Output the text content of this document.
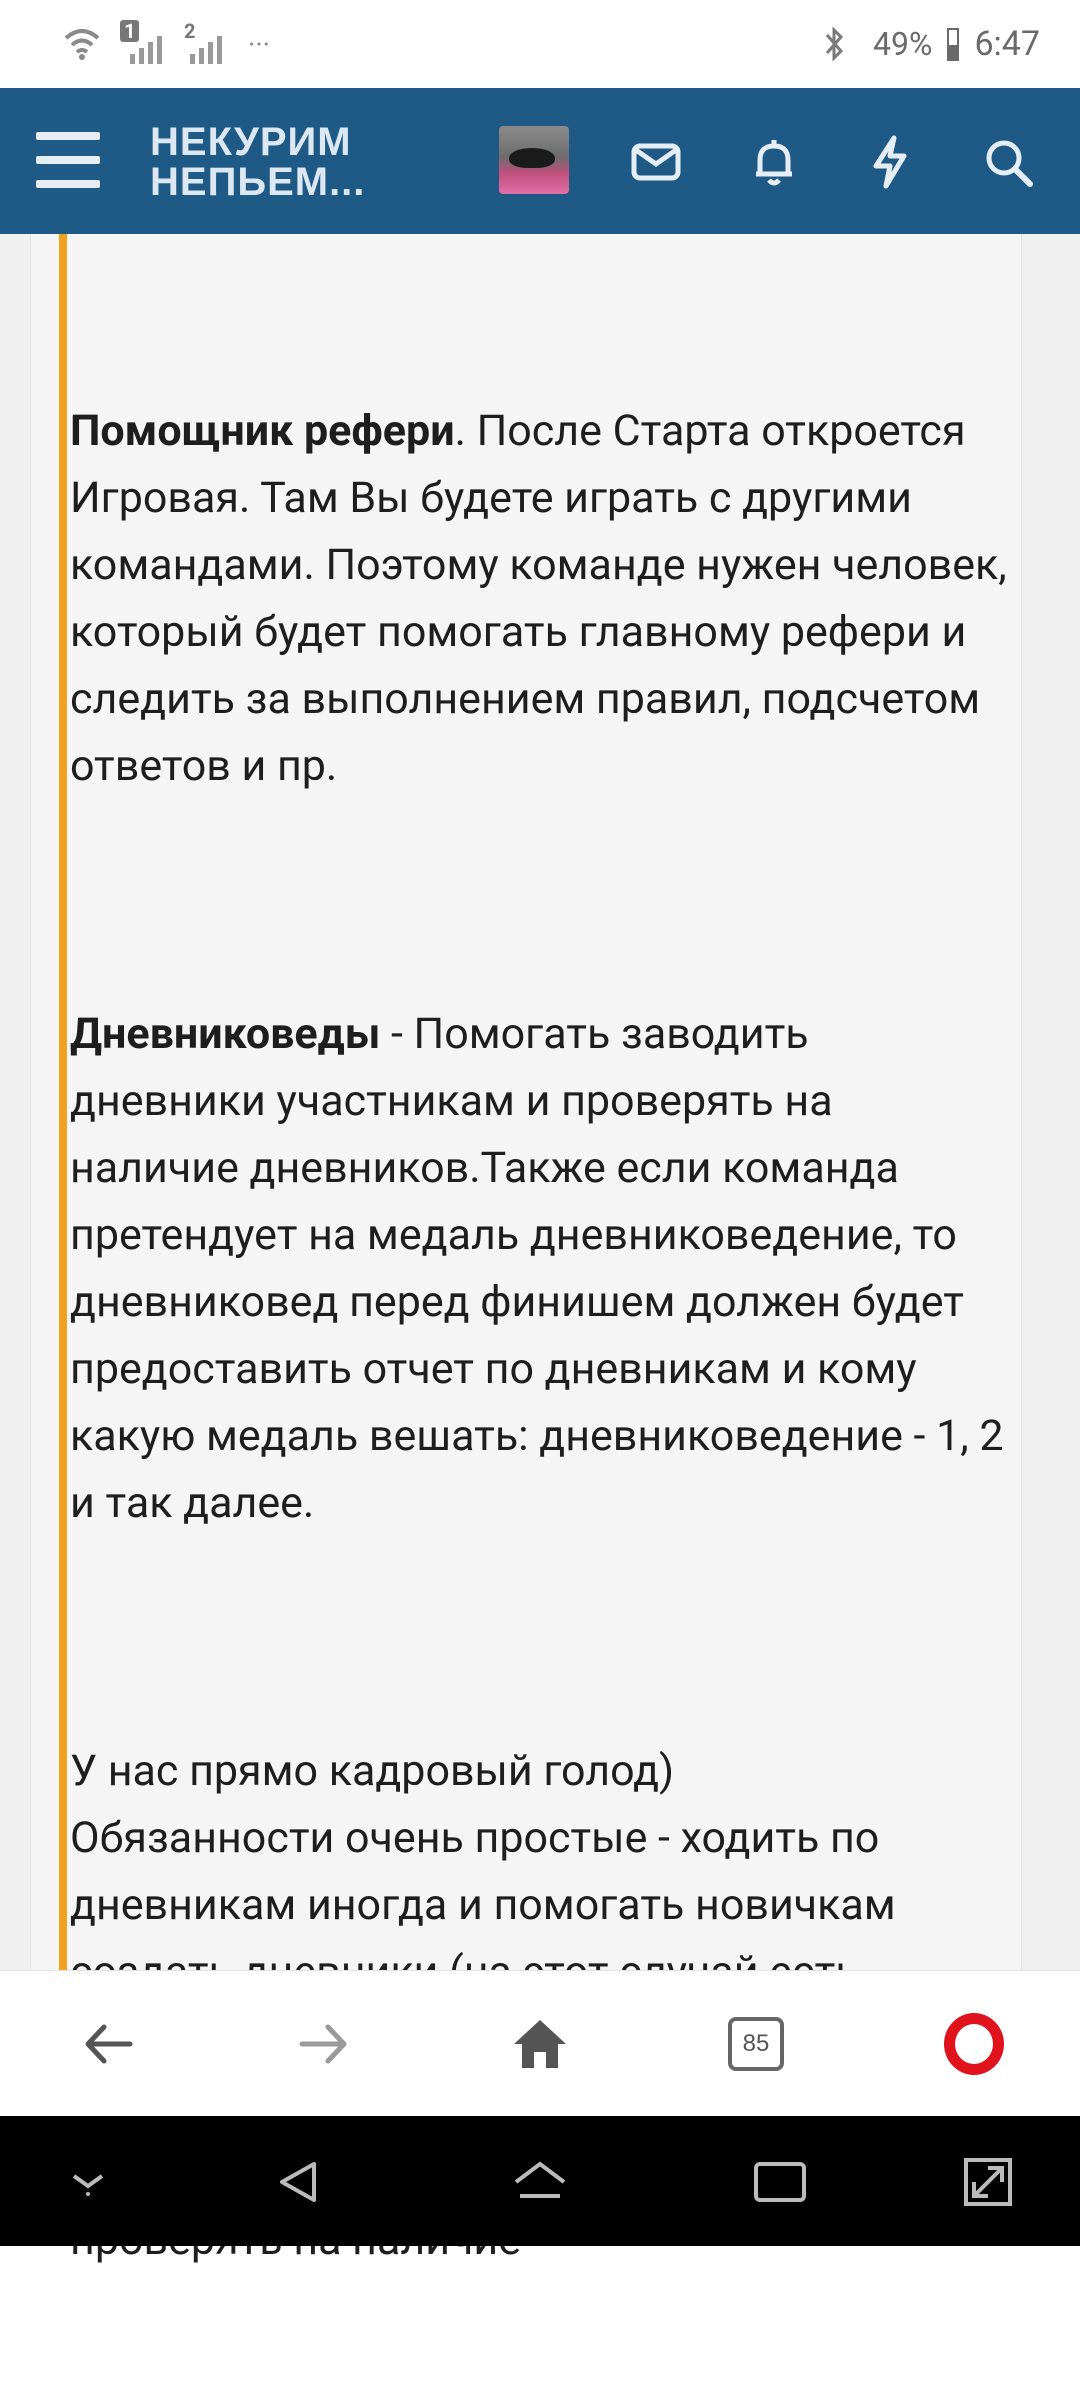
1 2 ···	49% 6:47
НЕКУРИМ
НЕПЬЕМ...

Помощник рефери. После Старта откроется Игровая. Там Вы будете играть с другими командами. Поэтому команде нужен человек, который будет помогать главному рефери и следить за выполнением правил, подсчетом ответов и пр.

Дневниковеды - Помогать заводить дневники участникам и проверять на наличие дневников.Также если команда претендует на медаль дневниковедение, то дневниковед перед финишем должен будет предоставить отчет по дневникам и кому какую медаль вешать: дневниковедение - 1, 2 и так далее.

У нас прямо кадровый голод)
Обязанности очень простые - ходить по дневникам иногда и помогать новичкам

85
